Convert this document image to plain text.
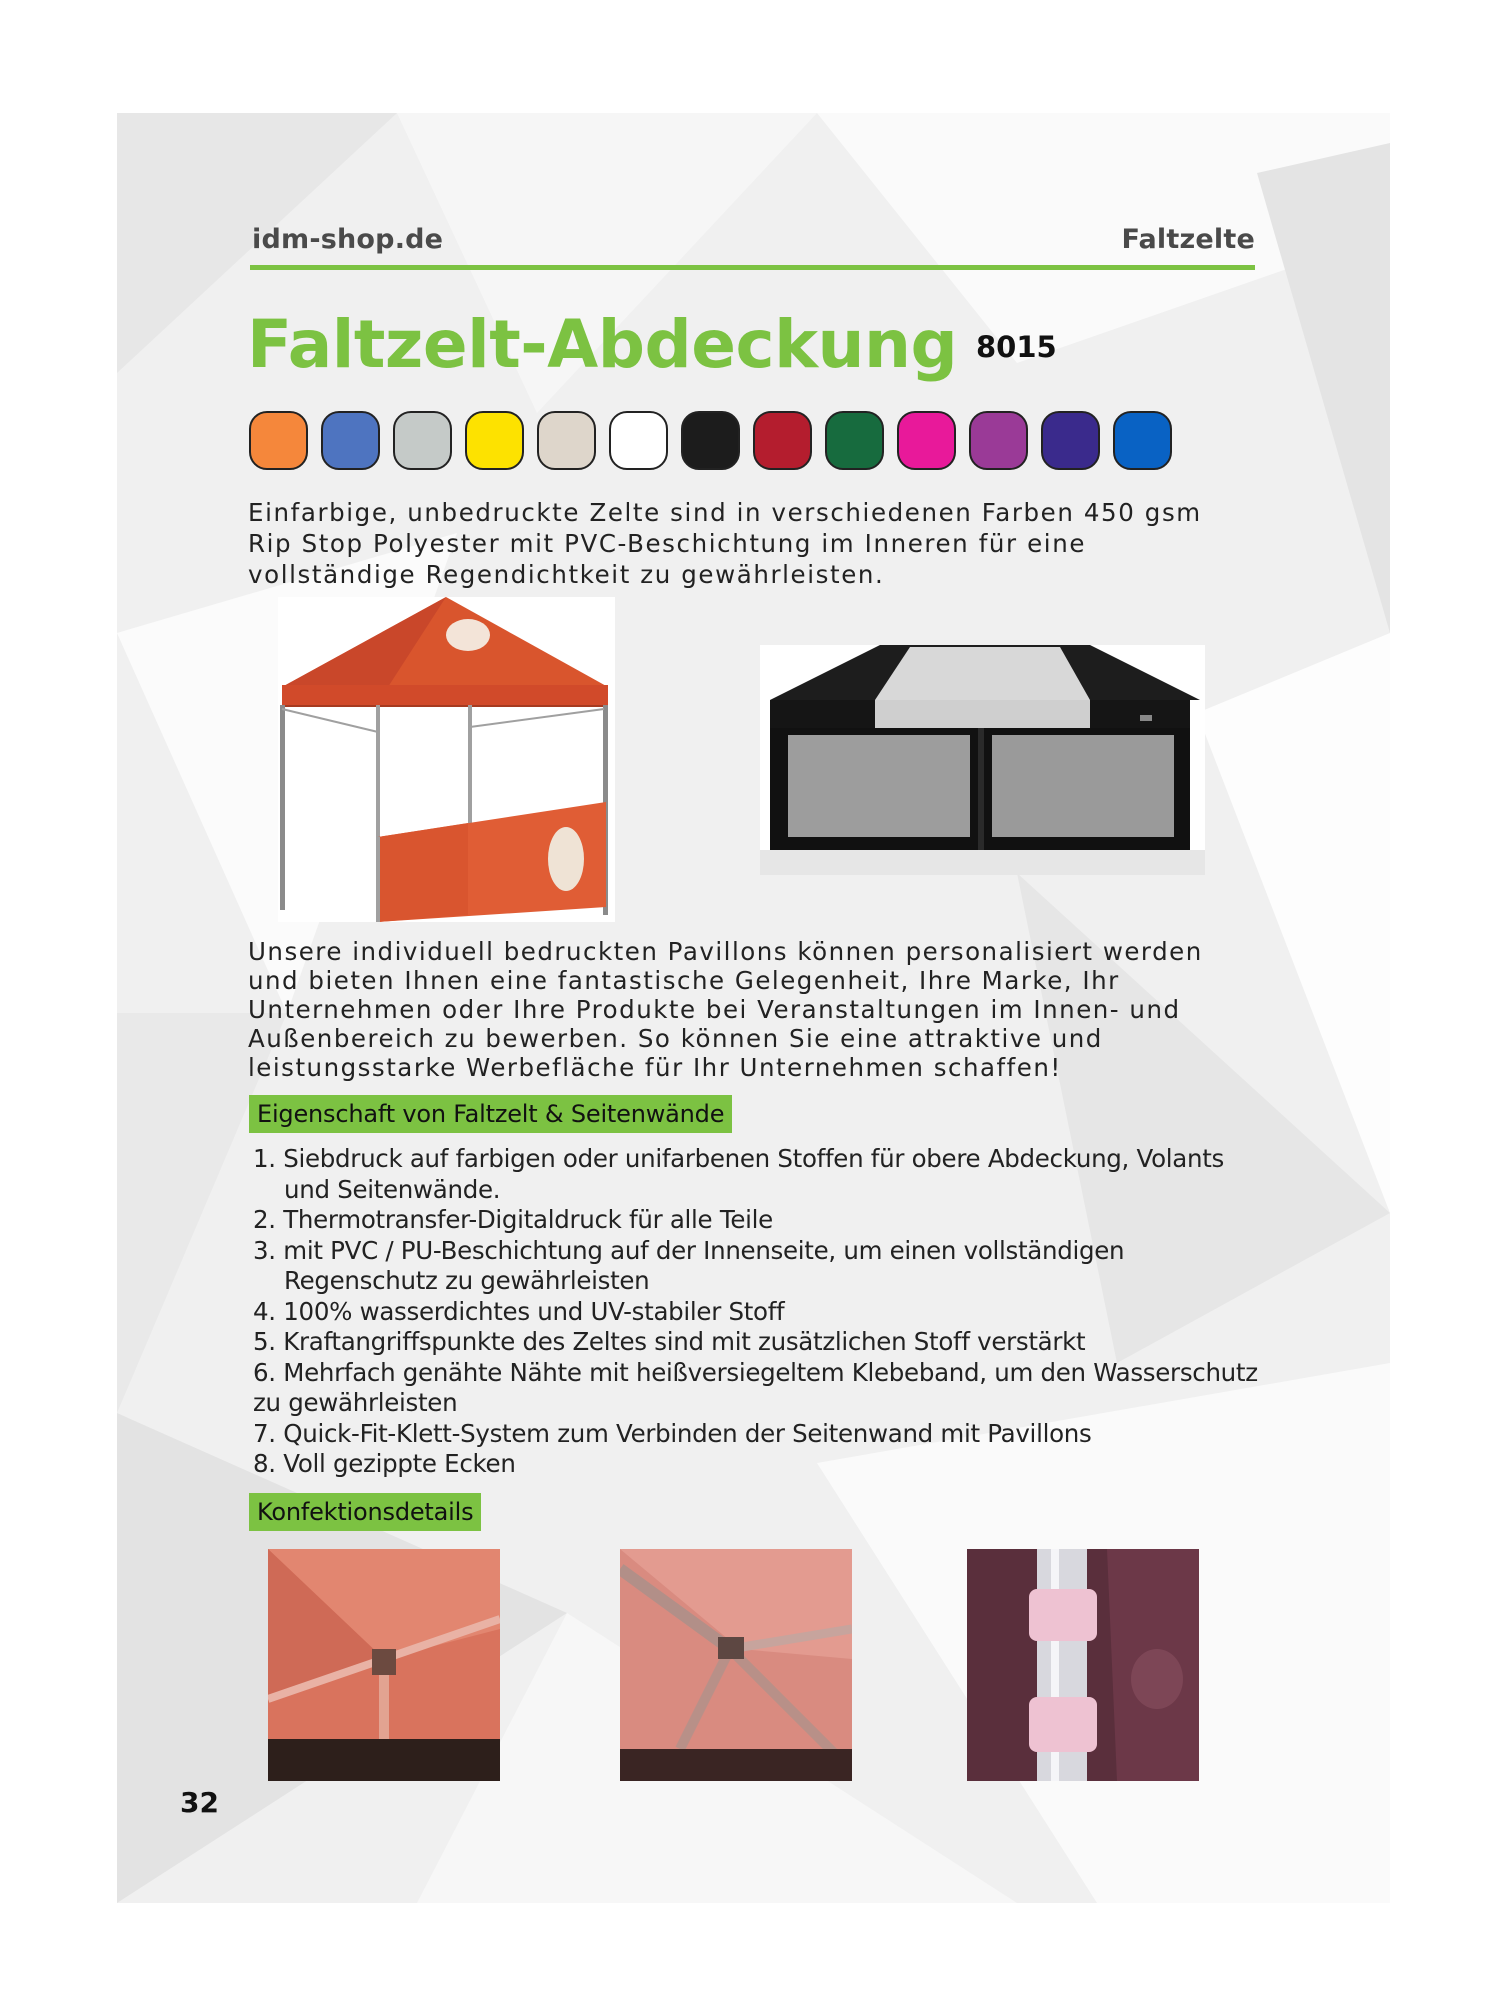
idm-shop.de	Faltzelte
Faltzelt-Abdeckung 8015

Einfarbige, unbedruckte Zelte sind in verschiedenen Farben 450 gsm Rip Stop Polyester mit PVC-Beschichtung im Inneren für eine vollständige Regendichtkeit zu gewährleisten.

Unsere individuell bedruckten Pavillons können personalisiert werden und bieten Ihnen eine fantastische Gelegenheit, Ihre Marke, Ihr Unternehmen oder Ihre Produkte bei Veranstaltungen im Innen- und Außenbereich zu bewerben. So können Sie eine attraktive und leistungsstarke Werbefläche für Ihr Unternehmen schaffen!

Eigenschaft von Faltzelt & Seitenwände
1. Siebdruck auf farbigen oder unifarbenen Stoffen für obere Abdeckung, Volants und Seitenwände.
2. Thermotransfer-Digitaldruck für alle Teile
3. mit PVC / PU-Beschichtung auf der Innenseite, um einen vollständigen Regenschutz zu gewährleisten
4. 100% wasserdichtes und UV-stabiler Stoff
5. Kraftangriffspunkte des Zeltes sind mit zusätzlichen Stoff verstärkt
6. Mehrfach genähte Nähte mit heißversiegeltem Klebeband, um den Wasserschutz zu gewährleisten
7. Quick-Fit-Klett-System zum Verbinden der Seitenwand mit Pavillons
8. Voll gezippte Ecken
Konfektionsdetails
32
